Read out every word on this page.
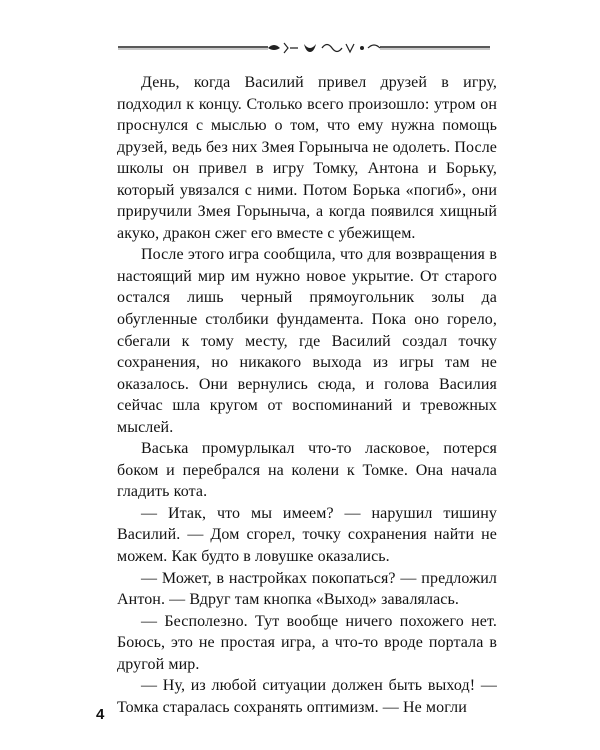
День, когда Василий привел друзей в игру, подходил к концу. Столько всего произошло: утром он проснулся с мыслью о том, что ему нужна помощь друзей, ведь без них Змея Горыныча не одолеть. После школы он привел в игру Томку, Антона и Борьку, который увязался с ними. Потом Борька «погиб», они приручили Змея Горыныча, а когда появился хищный акуко, дракон сжег его вместе с убежищем.

После этого игра сообщила, что для возвращения в настоящий мир им нужно новое укрытие. От старого остался лишь черный прямоугольник золы да обугленные столбики фундамента. Пока оно горело, сбегали к тому месту, где Василий создал точку сохранения, но никакого выхода из игры там не оказалось. Они вернулись сюда, и голова Василия сейчас шла кругом от воспоминаний и тревожных мыслей.

Васька промурлыкал что-то ласковое, потерся боком и перебрался на колени к Томке. Она начала гладить кота.

— Итак, что мы имеем? — нарушил тишину Василий. — Дом сгорел, точку сохранения найти не можем. Как будто в ловушке оказались.

— Может, в настройках покопаться? — предложил Антон. — Вдруг там кнопка «Выход» завалялась.

— Бесполезно. Тут вообще ничего похожего нет. Боюсь, это не простая игра, а что-то вроде портала в другой мир.

— Ну, из любой ситуации должен быть выход! — Томка старалась сохранять оптимизм. — Не могли

4
